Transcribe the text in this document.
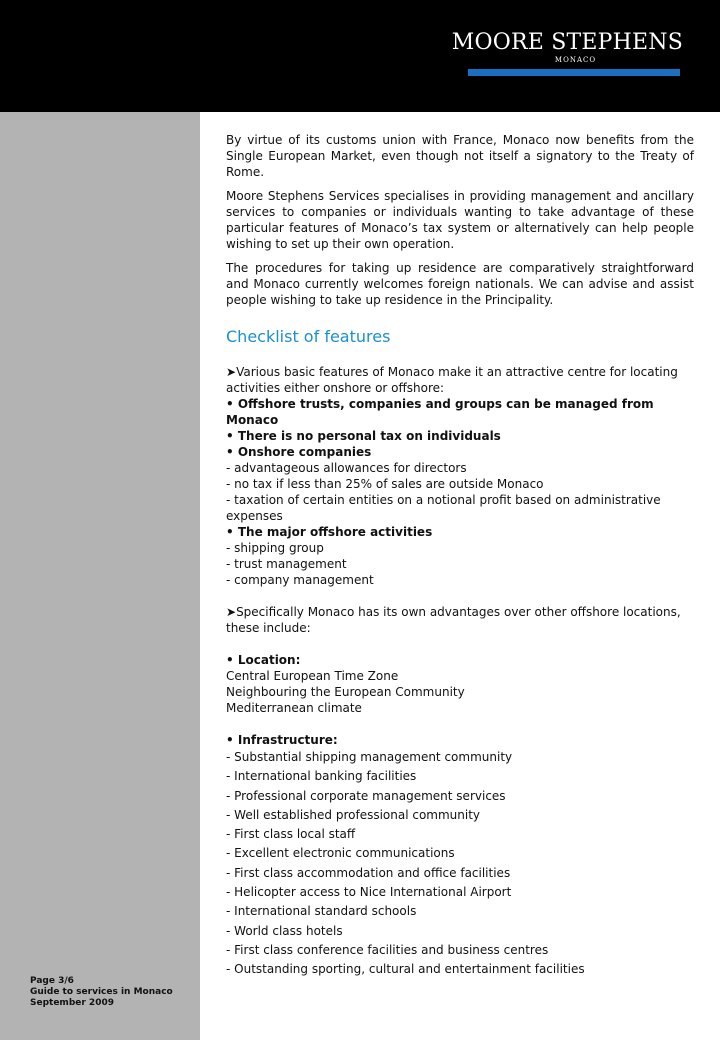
MOORE STEPHENS
MONACO
Page 3/6
Guide to services in Monaco
September 2009

By virtue of its customs union with France, Monaco now benefits from the Single European Market, even though not itself a signatory to the Treaty of Rome.

Moore Stephens Services specialises in providing management and ancillary services to companies or individuals wanting to take advantage of these particular features of Monaco’s tax system or alternatively can help people wishing to set up their own operation.

The procedures for taking up residence are comparatively straightforward and Monaco currently welcomes foreign nationals. We can advise and assist people wishing to take up residence in the Principality.

Checklist of features
➤Various basic features of Monaco make it an attractive centre for locating activities either onshore or offshore:
• Offshore trusts, companies and groups can be managed from Monaco
• There is no personal tax on individuals
• Onshore companies
- advantageous allowances for directors
- no tax if less than 25% of sales are outside Monaco
- taxation of certain entities on a notional profit based on administrative expenses
• The major offshore activities
- shipping group
- trust management
- company management
➤Specifically Monaco has its own advantages over other offshore locations, these include:
• Location:
Central European Time Zone
Neighbouring the European Community
Mediterranean climate
• Infrastructure:
- Substantial shipping management community
- International banking facilities
- Professional corporate management services
- Well established professional community
- First class local staff
- Excellent electronic communications
- First class accommodation and office facilities
- Helicopter access to Nice International Airport
- International standard schools
- World class hotels
- First class conference facilities and business centres
- Outstanding sporting, cultural and entertainment facilities
